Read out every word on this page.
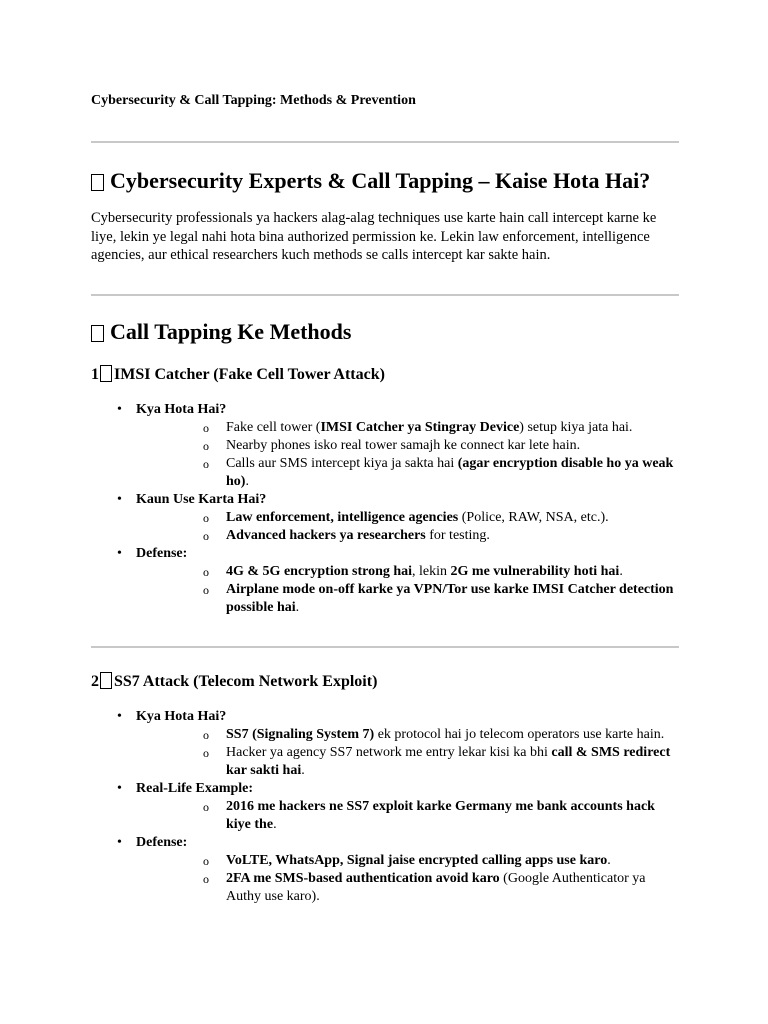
Cybersecurity & Call Tapping: Methods & Prevention
Cybersecurity Experts & Call Tapping – Kaise Hota Hai?
Cybersecurity professionals ya hackers alag-alag techniques use karte hain call intercept karne ke liye, lekin ye legal nahi hota bina authorized permission ke. Lekin law enforcement, intelligence agencies, aur ethical researchers kuch methods se calls intercept kar sakte hain.
Call Tapping Ke Methods
1 IMSI Catcher (Fake Cell Tower Attack)
• Kya Hota Hai?
o Fake cell tower (IMSI Catcher ya Stingray Device) setup kiya jata hai.
o Nearby phones isko real tower samajh ke connect kar lete hain.
o Calls aur SMS intercept kiya ja sakta hai (agar encryption disable ho ya weak ho).
• Kaun Use Karta Hai?
o Law enforcement, intelligence agencies (Police, RAW, NSA, etc.).
o Advanced hackers ya researchers for testing.
• Defense:
o 4G & 5G encryption strong hai, lekin 2G me vulnerability hoti hai.
o Airplane mode on-off karke ya VPN/Tor use karke IMSI Catcher detection possible hai.
2 SS7 Attack (Telecom Network Exploit)
• Kya Hota Hai?
o SS7 (Signaling System 7) ek protocol hai jo telecom operators use karte hain.
o Hacker ya agency SS7 network me entry lekar kisi ka bhi call & SMS redirect kar sakti hai.
• Real-Life Example:
o 2016 me hackers ne SS7 exploit karke Germany me bank accounts hack kiye the.
• Defense:
o VoLTE, WhatsApp, Signal jaise encrypted calling apps use karo.
o 2FA me SMS-based authentication avoid karo (Google Authenticator ya Authy use karo).
